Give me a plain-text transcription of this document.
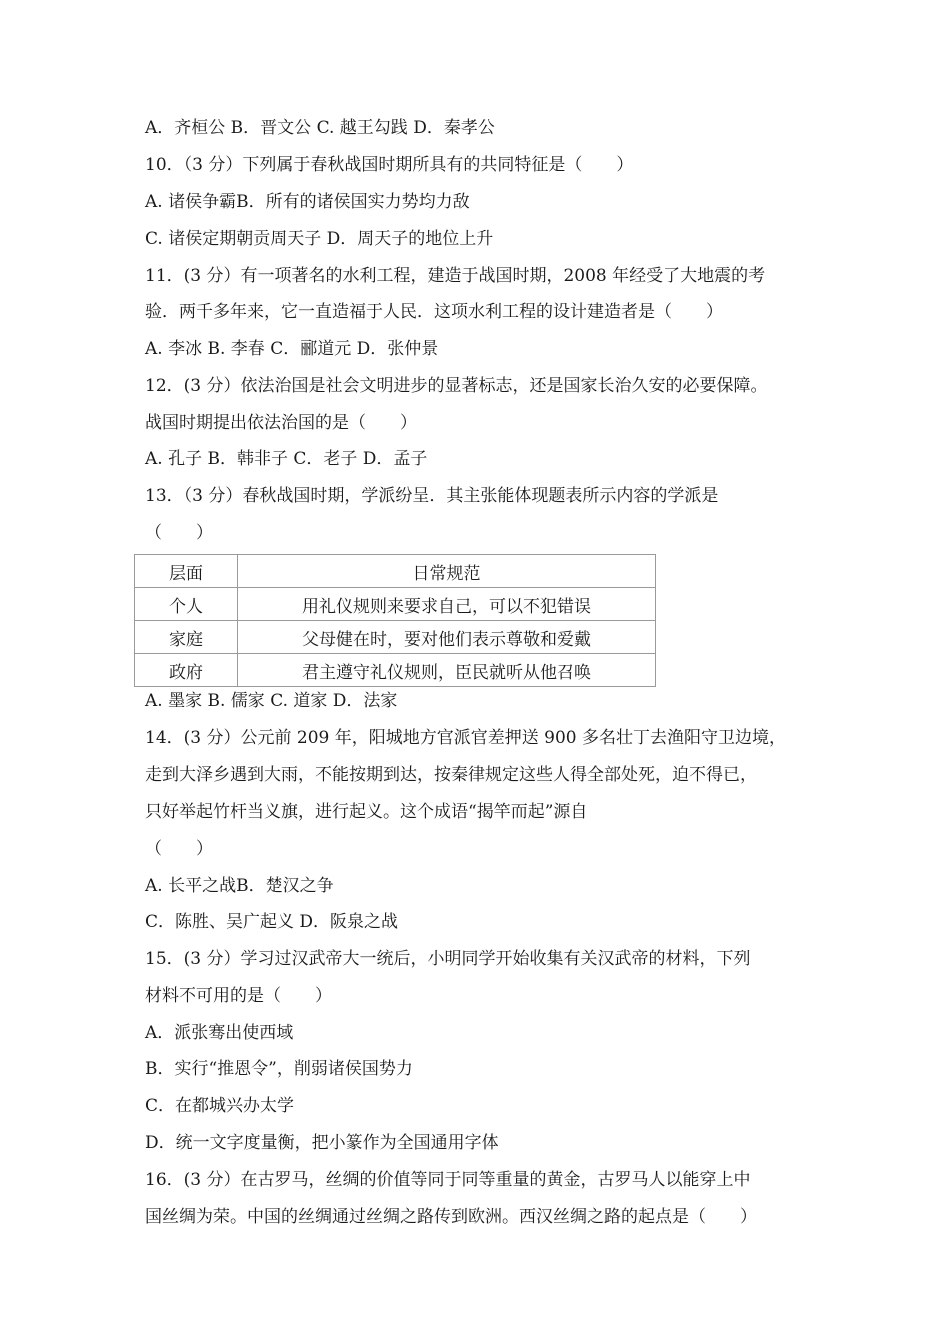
A．齐桓公 B．晋文公 C. 越王勾践 D．秦孝公
10．（3 分）下列属于春秋战国时期所具有的共同特征是（　　）
A. 诸侯争霸B．所有的诸侯国实力势均力敌
C. 诸侯定期朝贡周天子 D．周天子的地位上升
11．(3 分）有一项著名的水利工程，建造于战国时期，2008 年经受了大地震的考
验．两千多年来，它一直造福于人民．这项水利工程的设计建造者是（　　）
A. 李冰 B. 李春 C．郦道元 D．张仲景
12．(3 分）依法治国是社会文明进步的显著标志，还是国家长治久安的必要保障。
战国时期提出依法治国的是（　　）
A. 孔子 B．韩非子 C．老子 D．孟子
13．（3 分）春秋战国时期，学派纷呈．其主张能体现题表所示内容的学派是
（　　）
层面	日常规范
个人	用礼仪规则来要求自己，可以不犯错误
家庭	父母健在时，要对他们表示尊敬和爱戴
政府	君主遵守礼仪规则，臣民就听从他召唤
A. 墨家 B. 儒家 C. 道家 D．法家
14．(3 分）公元前 209 年，阳城地方官派官差押送 900 多名壮丁去渔阳守卫边境，
走到大泽乡遇到大雨，不能按期到达，按秦律规定这些人得全部处死，迫不得已，
只好举起竹杆当义旗，进行起义。这个成语“揭竿而起”源自
（　　）
A. 长平之战B．楚汉之争
C．陈胜、吴广起义 D．阪泉之战
15．(3 分）学习过汉武帝大一统后，小明同学开始收集有关汉武帝的材料，下列
材料不可用的是（　　）
A．派张骞出使西域
B．实行“推恩令”，削弱诸侯国势力
C．在都城兴办太学
D．统一文字度量衡，把小篆作为全国通用字体
16．(3 分）在古罗马，丝绸的价值等同于同等重量的黄金，古罗马人以能穿上中
国丝绸为荣。中国的丝绸通过丝绸之路传到欧洲。西汉丝绸之路的起点是（　　）
